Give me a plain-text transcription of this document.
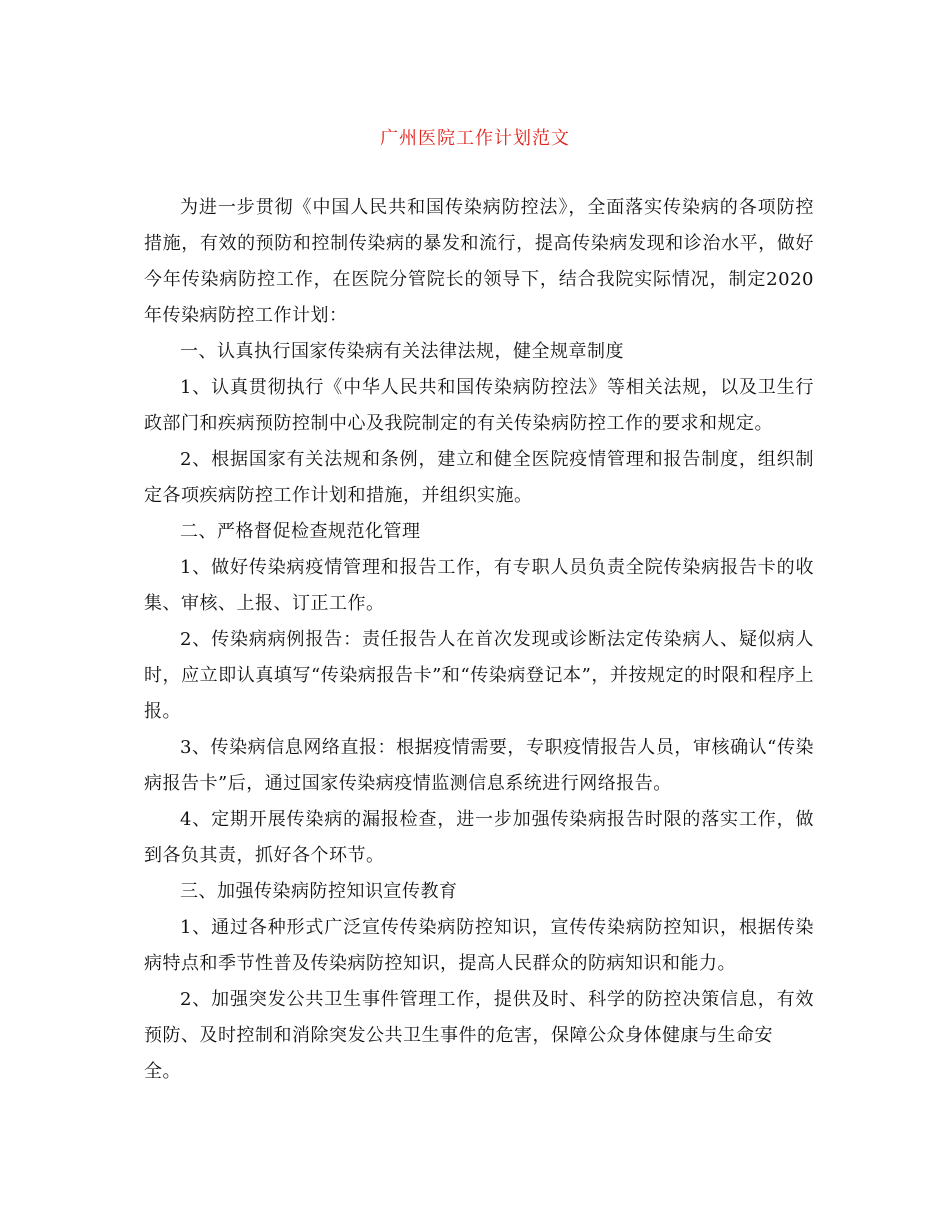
广州医院工作计划范文

为进一步贯彻《中国人民共和国传染病防控法》，全面落实传染病的各项防控措施，有效的预防和控制传染病的暴发和流行，提高传染病发现和诊治水平，做好今年传染病防控工作，在医院分管院长的领导下，结合我院实际情况，制定2020年传染病防控工作计划：

一、认真执行国家传染病有关法律法规，健全规章制度

1、认真贯彻执行《中华人民共和国传染病防控法》等相关法规，以及卫生行政部门和疾病预防控制中心及我院制定的有关传染病防控工作的要求和规定。

2、根据国家有关法规和条例，建立和健全医院疫情管理和报告制度，组织制定各项疾病防控工作计划和措施，并组织实施。

二、严格督促检查规范化管理

1、做好传染病疫情管理和报告工作，有专职人员负责全院传染病报告卡的收集、审核、上报、订正工作。

2、传染病病例报告：责任报告人在首次发现或诊断法定传染病人、疑似病人时，应立即认真填写“传染病报告卡”和“传染病登记本”，并按规定的时限和程序上报。

3、传染病信息网络直报：根据疫情需要，专职疫情报告人员，审核确认“传染病报告卡”后，通过国家传染病疫情监测信息系统进行网络报告。

4、定期开展传染病的漏报检查，进一步加强传染病报告时限的落实工作，做到各负其责，抓好各个环节。

三、加强传染病防控知识宣传教育

1、通过各种形式广泛宣传传染病防控知识，宣传传染病防控知识，根据传染病特点和季节性普及传染病防控知识，提高人民群众的防病知识和能力。

2、加强突发公共卫生事件管理工作，提供及时、科学的防控决策信息，有效预防、及时控制和消除突发公共卫生事件的危害，保障公众身体健康与生命安

全。
